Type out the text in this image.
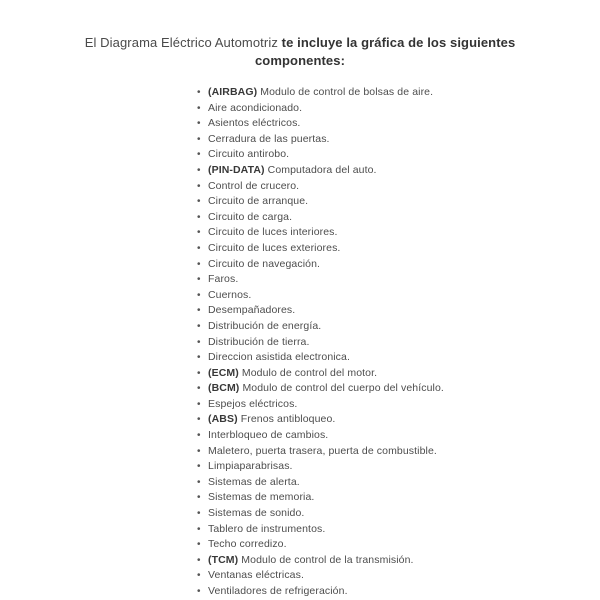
El Diagrama Eléctrico Automotriz te incluye la gráfica de los siguientes componentes:
• (AIRBAG) Modulo de control de bolsas de aire.
• Aire acondicionado.
• Asientos eléctricos.
• Cerradura de las puertas.
• Circuito antirobo.
• (PIN-DATA) Computadora del auto.
• Control de crucero.
• Circuito de arranque.
• Circuito de carga.
• Circuito de luces interiores.
• Circuito de luces exteriores.
• Circuito de navegación.
• Faros.
• Cuernos.
• Desempañadores.
• Distribución de energía.
• Distribución de tierra.
• Direccion asistida electronica.
• (ECM) Modulo de control del motor.
• (BCM) Modulo de control del cuerpo del vehículo.
• Espejos eléctricos.
• (ABS) Frenos antibloqueo.
• Interbloqueo de cambios.
• Maletero, puerta trasera, puerta de combustible.
• Limpiaparabrisas.
• Sistemas de alerta.
• Sistemas de memoria.
• Sistemas de sonido.
• Tablero de instrumentos.
• Techo corredizo.
• (TCM) Modulo de control de la transmisión.
• Ventanas eléctricas.
• Ventiladores de refrigeración.
